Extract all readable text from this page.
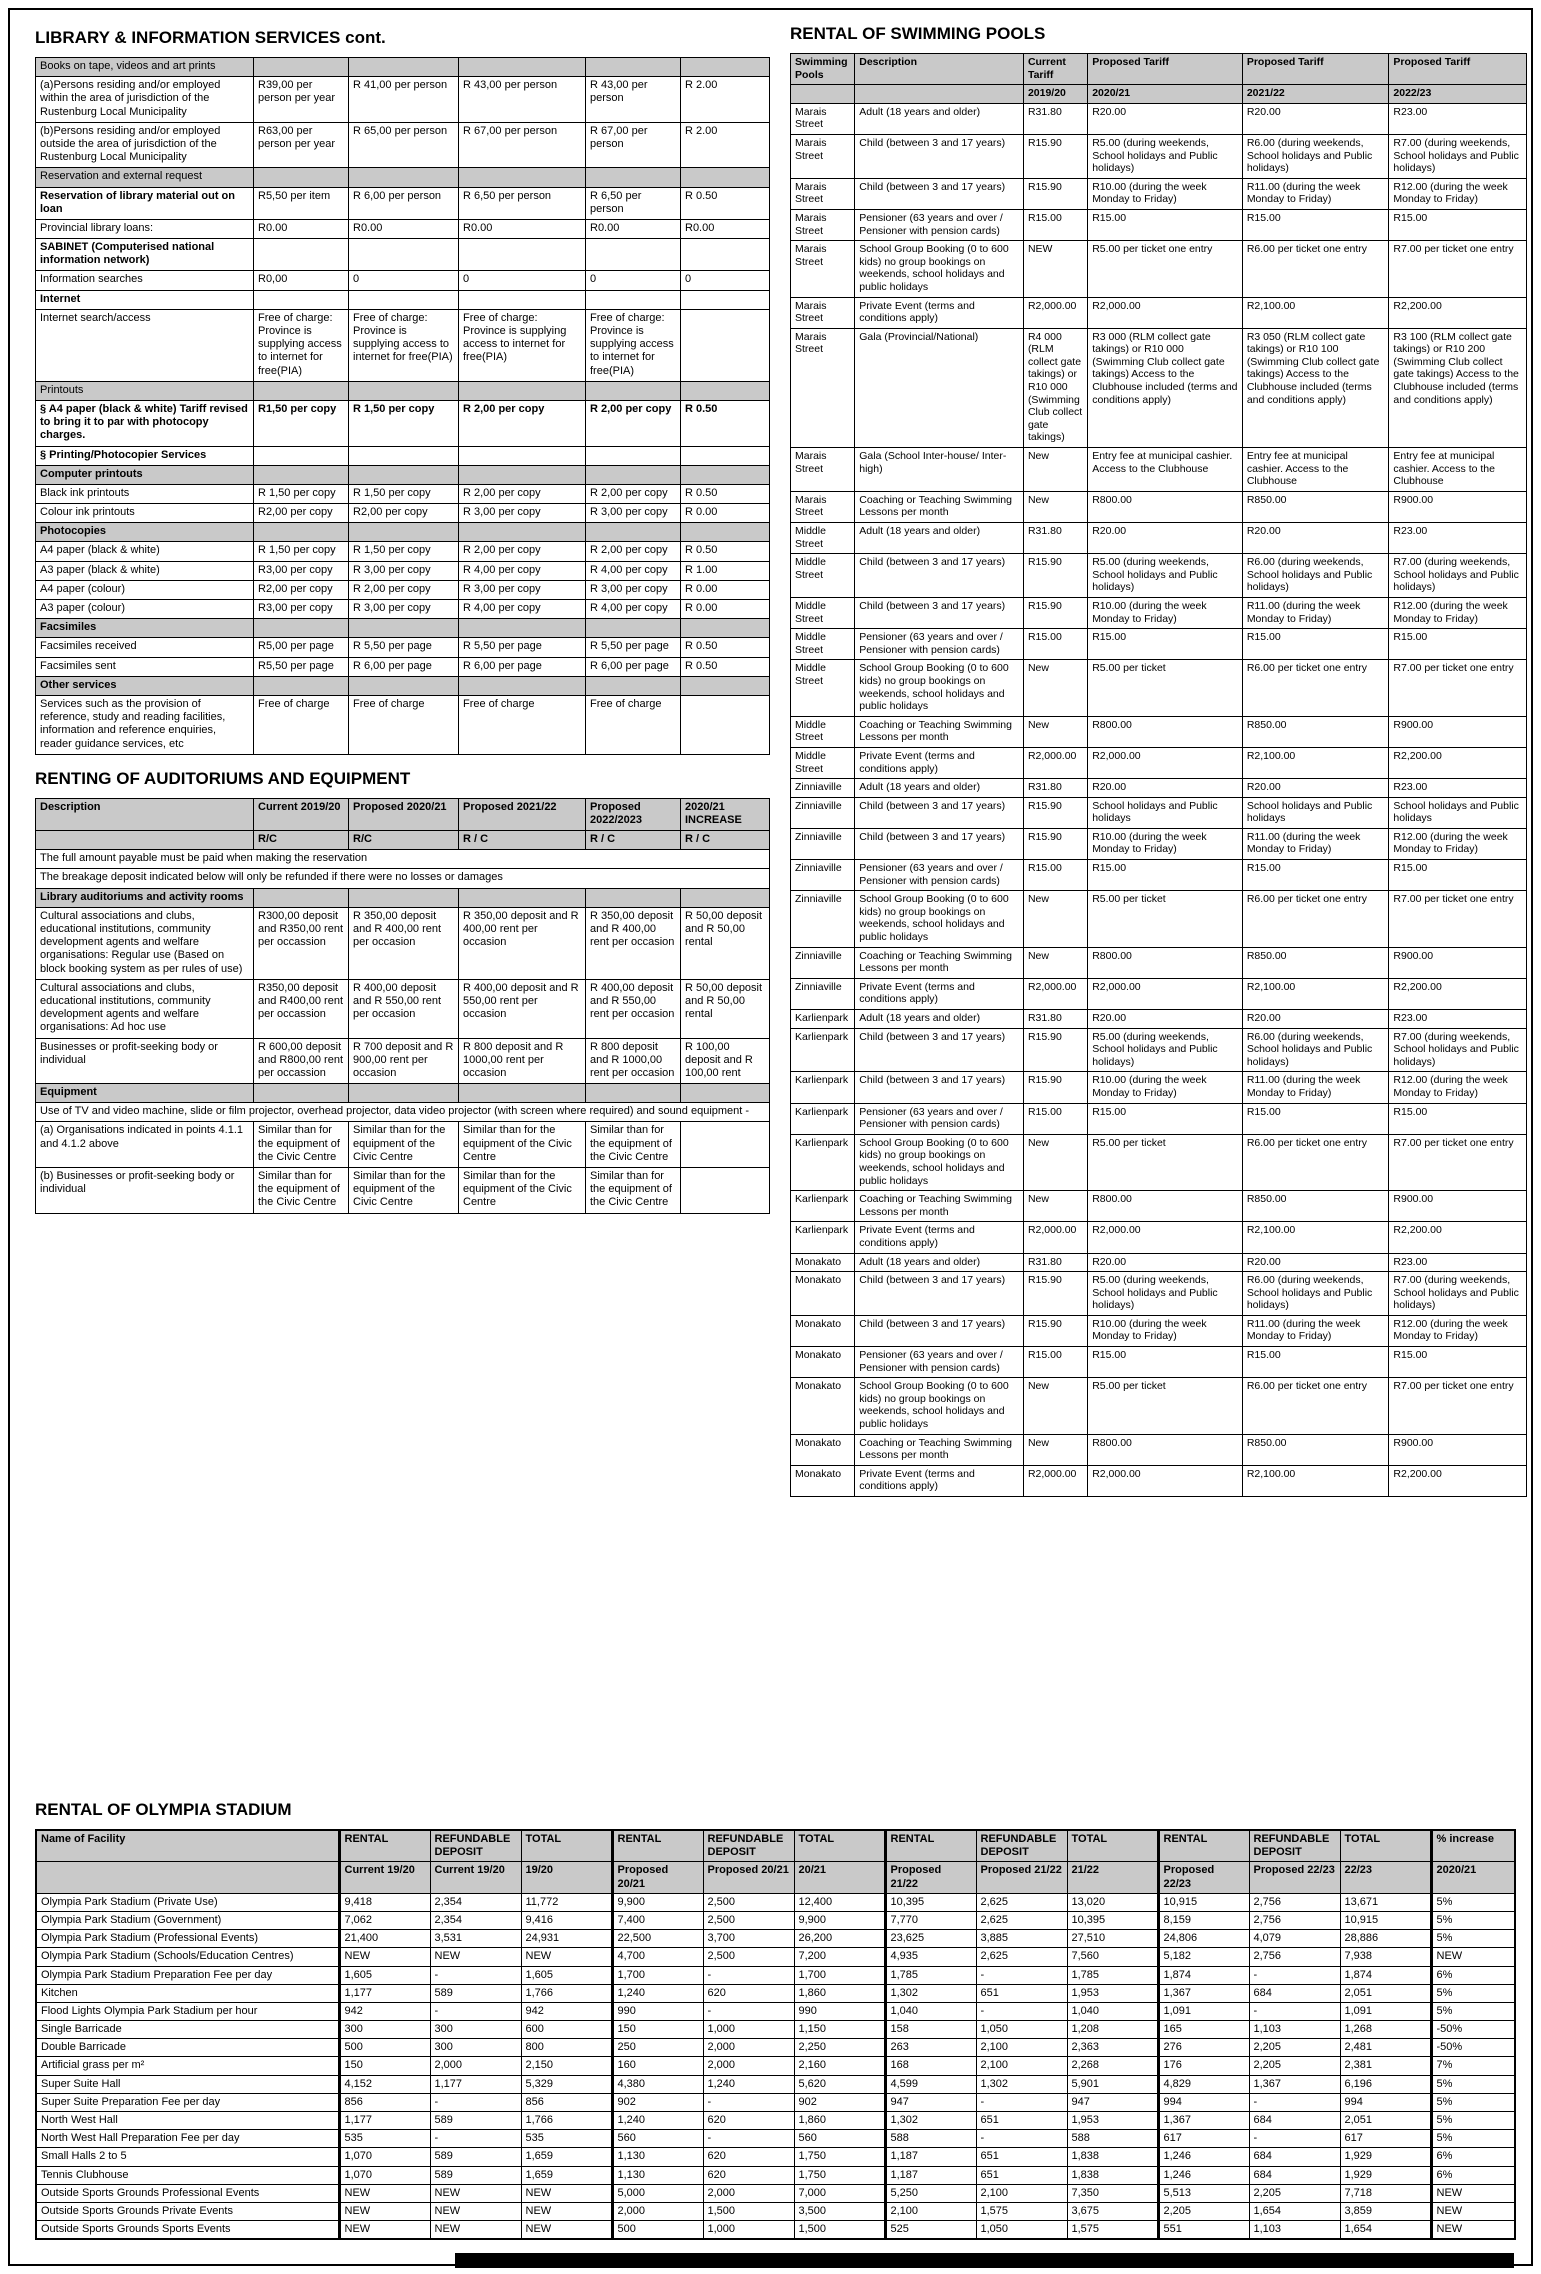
LIBRARY & INFORMATION SERVICES cont.
Books on tape, videos and art prints					
(a)Persons residing and/or employed within the area of jurisdiction of the Rustenburg Local Municipality	R39,00 per person per year	R 41,00 per person	R 43,00 per person	R 43,00 per person	R 2.00
(b)Persons residing and/or employed outside the area of jurisdiction of the Rustenburg Local Municipality	R63,00 per person per year	R 65,00 per person	R 67,00 per person	R 67,00 per person	R 2.00
Reservation and external request					
Reservation of library material out on loan	R5,50 per item	R 6,00 per person	R 6,50 per person	R 6,50 per person	R 0.50
Provincial library loans:	R0.00	R0.00	R0.00	R0.00	R0.00
SABINET (Computerised national information network)					
Information searches	R0,00	0	0	0	0
Internet					
Internet search/access	Free of charge: Province is supplying access to internet for free(PIA)	Free of charge: Province is supplying access to internet for free(PIA)	Free of charge: Province is supplying access to internet for free(PIA)	Free of charge: Province is supplying access to internet for free(PIA)	
Printouts					
§ A4 paper (black & white) Tariff revised to bring it to par with photocopy charges.	R1,50 per copy	R 1,50 per copy	R 2,00 per copy	R 2,00 per copy	R 0.50
§ Printing/Photocopier Services					
Computer printouts					
Black ink printouts	R 1,50 per copy	R 1,50 per copy	R 2,00 per copy	R 2,00 per copy	R 0.50
Colour ink printouts	R2,00 per copy	R2,00 per copy	R 3,00 per copy	R 3,00 per copy	R 0.00
Photocopies					
A4 paper (black & white)	R 1,50 per copy	R 1,50 per copy	R 2,00 per copy	R 2,00 per copy	R 0.50
A3 paper (black & white)	R3,00 per copy	R 3,00 per copy	R 4,00 per copy	R 4,00 per copy	R 1.00
A4 paper (colour)	R2,00 per copy	R 2,00 per copy	R 3,00 per copy	R 3,00 per copy	R 0.00
A3 paper (colour)	R3,00 per copy	R 3,00 per copy	R 4,00 per copy	R 4,00 per copy	R 0.00
Facsimiles					
Facsimiles received	R5,00 per page	R 5,50 per page	R 5,50 per page	R 5,50 per page	R 0.50
Facsimiles sent	R5,50 per page	R 6,00 per page	R 6,00 per page	R 6,00 per page	R 0.50
Other services					
Services such as the provision of reference, study and reading facilities, information and reference enquiries, reader guidance services, etc	Free of charge	Free of charge	Free of charge	Free of charge	
RENTING OF AUDITORIUMS AND EQUIPMENT
Description	Current 2019/20	Proposed 2020/21	Proposed 2021/22	Proposed 2022/2023	2020/21 INCREASE
	R/C	R/C	R / C	R / C	R / C
The full amount payable must be paid when making the reservation					
The breakage deposit indicated below will only be refunded if there were no losses or damages					
Library auditoriums and activity rooms					
Cultural associations and clubs, educational institutions, community development agents and welfare organisations: Regular use (Based on block booking system as per rules of use)	R300,00 deposit and R350,00 rent per occassion	R 350,00 deposit and R 400,00 rent per occasion	R 350,00 deposit and R 400,00 rent per occasion	R 350,00 deposit and R 400,00 rent per occasion	R 50,00 deposit and R 50,00 rental
Cultural associations and clubs, educational institutions, community development agents and welfare organisations: Ad hoc use	R350,00 deposit and R400,00 rent per occassion	R 400,00 deposit and R 550,00 rent per occasion	R 400,00 deposit and R 550,00 rent per occasion	R 400,00 deposit and R 550,00 rent per occasion	R 50,00 deposit and R 50,00 rental
Businesses or profit-seeking body or individual	R 600,00 deposit and R800,00 rent per occassion	R 700 deposit and R 900,00 rent per occasion	R 800 deposit and R 1000,00 rent per occasion	R 800 deposit and R 1000,00 rent per occasion	R 100,00 deposit and R 100,00 rent
Equipment					
Use of TV and video machine, slide or film projector, overhead projector, data video projector (with screen where required) and sound equipment -					
(a) Organisations indicated in points 4.1.1 and 4.1.2 above	Similar than for the equipment of the Civic Centre	Similar than for the equipment of the Civic Centre	Similar than for the equipment of the Civic Centre	Similar than for the equipment of the Civic Centre	
(b) Businesses or profit-seeking body or individual	Similar than for the equipment of the Civic Centre	Similar than for the equipment of the Civic Centre	Similar than for the equipment of the Civic Centre	Similar than for the equipment of the Civic Centre	
RENTAL OF SWIMMING POOLS
Swimming Pools	Description	Current Tariff	Proposed Tariff	Proposed Tariff	Proposed Tariff
		2019/20	2020/21	2021/22	2022/23
Marais Street	Adult (18 years and older)	R31.80	R20.00	R20.00	R23.00
Marais Street	Child (between 3 and 17 years)	R15.90	R5.00 (during weekends, School holidays and Public holidays)	R6.00 (during weekends, School holidays and Public holidays)	R7.00 (during weekends, School holidays and Public holidays)
Marais Street	Child (between 3 and 17 years)	R15.90	R10.00 (during the week Monday to Friday)	R11.00 (during the week Monday to Friday)	R12.00 (during the week Monday to Friday)
Marais Street	Pensioner (63 years and over / Pensioner with pension cards)	R15.00	R15.00	R15.00	R15.00
Marais Street	School Group Booking (0 to 600 kids) no group bookings on weekends, school holidays and public holidays	NEW	R5.00 per ticket one entry	R6.00 per ticket one entry	R7.00 per ticket one entry
Marais Street	Private Event (terms and conditions apply)	R2,000.00	R2,000.00	R2,100.00	R2,200.00
Marais Street	Gala (Provincial/National)	R4 000 (RLM collect gate takings) or R10 000 (Swimming Club collect gate takings)	R3 000 (RLM collect gate takings) or R10 000 (Swimming Club collect gate takings) Access to the Clubhouse included (terms and conditions apply)	R3 050 (RLM collect gate takings) or R10 100 (Swimming Club collect gate takings) Access to the Clubhouse included (terms and conditions apply)	R3 100 (RLM collect gate takings) or R10 200 (Swimming Club collect gate takings) Access to the Clubhouse included (terms and conditions apply)
Marais Street	Gala (School Inter-house/ Inter-high)	New	Entry fee at municipal cashier. Access to the Clubhouse	Entry fee at municipal cashier. Access to the Clubhouse	Entry fee at municipal cashier. Access to the Clubhouse
Marais Street	Coaching or Teaching Swimming Lessons per month	New	R800.00	R850.00	R900.00
Middle Street	Adult (18 years and older)	R31.80	R20.00	R20.00	R23.00
Middle Street	Child (between 3 and 17 years)	R15.90	R5.00 (during weekends, School holidays and Public holidays)	R6.00 (during weekends, School holidays and Public holidays)	R7.00 (during weekends, School holidays and Public holidays)
Middle Street	Child (between 3 and 17 years)	R15.90	R10.00 (during the week Monday to Friday)	R11.00 (during the week Monday to Friday)	R12.00 (during the week Monday to Friday)
Middle Street	Pensioner (63 years and over / Pensioner with pension cards)	R15.00	R15.00	R15.00	R15.00
Middle Street	School Group Booking (0 to 600 kids) no group bookings on weekends, school holidays and public holidays	New	R5.00 per ticket	R6.00 per ticket one entry	R7.00 per ticket one entry
Middle Street	Coaching or Teaching Swimming Lessons per month	New	R800.00	R850.00	R900.00
Middle Street	Private Event (terms and conditions apply)	R2,000.00	R2,000.00	R2,100.00	R2,200.00
Zinniaville	Adult (18 years and older)	R31.80	R20.00	R20.00	R23.00
Zinniaville	Child (between 3 and 17 years)	R15.90	School holidays and Public holidays	School holidays and Public holidays	School holidays and Public holidays
Zinniaville	Child (between 3 and 17 years)	R15.90	R10.00 (during the week Monday to Friday)	R11.00 (during the week Monday to Friday)	R12.00 (during the week Monday to Friday)
Zinniaville	Pensioner (63 years and over / Pensioner with pension cards)	R15.00	R15.00	R15.00	R15.00
Zinniaville	School Group Booking (0 to 600 kids) no group bookings on weekends, school holidays and public holidays	New	R5.00 per ticket	R6.00 per ticket one entry	R7.00 per ticket one entry
Zinniaville	Coaching or Teaching Swimming Lessons per month	New	R800.00	R850.00	R900.00
Zinniaville	Private Event (terms and conditions apply)	R2,000.00	R2,000.00	R2,100.00	R2,200.00
Karlienpark	Adult (18 years and older)	R31.80	R20.00	R20.00	R23.00
Karlienpark	Child (between 3 and 17 years)	R15.90	R5.00 (during weekends, School holidays and Public holidays)	R6.00 (during weekends, School holidays and Public holidays)	R7.00 (during weekends, School holidays and Public holidays)
Karlienpark	Child (between 3 and 17 years)	R15.90	R10.00 (during the week Monday to Friday)	R11.00 (during the week Monday to Friday)	R12.00 (during the week Monday to Friday)
Karlienpark	Pensioner (63 years and over / Pensioner with pension cards)	R15.00	R15.00	R15.00	R15.00
Karlienpark	School Group Booking (0 to 600 kids) no group bookings on weekends, school holidays and public holidays	New	R5.00 per ticket	R6.00 per ticket one entry	R7.00 per ticket one entry
Karlienpark	Coaching or Teaching Swimming Lessons per month	New	R800.00	R850.00	R900.00
Karlienpark	Private Event (terms and conditions apply)	R2,000.00	R2,000.00	R2,100.00	R2,200.00
Monakato	Adult (18 years and older)	R31.80	R20.00	R20.00	R23.00
Monakato	Child (between 3 and 17 years)	R15.90	R5.00 (during weekends, School holidays and Public holidays)	R6.00 (during weekends, School holidays and Public holidays)	R7.00 (during weekends, School holidays and Public holidays)
Monakato	Child (between 3 and 17 years)	R15.90	R10.00 (during the week Monday to Friday)	R11.00 (during the week Monday to Friday)	R12.00 (during the week Monday to Friday)
Monakato	Pensioner (63 years and over / Pensioner with pension cards)	R15.00	R15.00	R15.00	R15.00
Monakato	School Group Booking (0 to 600 kids) no group bookings on weekends, school holidays and public holidays	New	R5.00 per ticket	R6.00 per ticket one entry	R7.00 per ticket one entry
Monakato	Coaching or Teaching Swimming Lessons per month	New	R800.00	R850.00	R900.00
Monakato	Private Event (terms and conditions apply)	R2,000.00	R2,000.00	R2,100.00	R2,200.00
RENTAL OF OLYMPIA STADIUM
Name of Facility	RENTAL	REFUNDABLE DEPOSIT	TOTAL	RENTAL	REFUNDABLE DEPOSIT	TOTAL	RENTAL	REFUNDABLE DEPOSIT	TOTAL	RENTAL	REFUNDABLE DEPOSIT	TOTAL	% increase
	Current 19/20	Current 19/20	19/20	Proposed 20/21	Proposed 20/21	20/21	Proposed 21/22	Proposed 21/22	21/22	Proposed 22/23	Proposed 22/23	22/23	2020/21
Olympia Park Stadium (Private Use)	9,418	2,354	11,772	9,900	2,500	12,400	10,395	2,625	13,020	10,915	2,756	13,671	5%
Olympia Park Stadium (Government)	7,062	2,354	9,416	7,400	2,500	9,900	7,770	2,625	10,395	8,159	2,756	10,915	5%
Olympia Park Stadium (Professional Events)	21,400	3,531	24,931	22,500	3,700	26,200	23,625	3,885	27,510	24,806	4,079	28,886	5%
Olympia Park Stadium (Schools/Education Centres)	NEW	NEW	NEW	4,700	2,500	7,200	4,935	2,625	7,560	5,182	2,756	7,938	NEW
Olympia Park Stadium Preparation Fee per day	1,605	-	1,605	1,700	-	1,700	1,785	-	1,785	1,874	-	1,874	6%
Kitchen	1,177	589	1,766	1,240	620	1,860	1,302	651	1,953	1,367	684	2,051	5%
Flood Lights Olympia Park Stadium per hour	942	-	942	990	-	990	1,040	-	1,040	1,091	-	1,091	5%
Single Barricade	300	300	600	150	1,000	1,150	158	1,050	1,208	165	1,103	1,268	-50%
Double Barricade	500	300	800	250	2,000	2,250	263	2,100	2,363	276	2,205	2,481	-50%
Artificial grass per m²	150	2,000	2,150	160	2,000	2,160	168	2,100	2,268	176	2,205	2,381	7%
Super Suite Hall	4,152	1,177	5,329	4,380	1,240	5,620	4,599	1,302	5,901	4,829	1,367	6,196	5%
Super Suite Preparation Fee per day	856	-	856	902	-	902	947	-	947	994	-	994	5%
North West Hall	1,177	589	1,766	1,240	620	1,860	1,302	651	1,953	1,367	684	2,051	5%
North West Hall Preparation Fee per day	535	-	535	560	-	560	588	-	588	617	-	617	5%
Small Halls 2 to 5	1,070	589	1,659	1,130	620	1,750	1,187	651	1,838	1,246	684	1,929	6%
Tennis Clubhouse	1,070	589	1,659	1,130	620	1,750	1,187	651	1,838	1,246	684	1,929	6%
Outside Sports Grounds Professional Events	NEW	NEW	NEW	5,000	2,000	7,000	5,250	2,100	7,350	5,513	2,205	7,718	NEW
Outside Sports Grounds Private Events	NEW	NEW	NEW	2,000	1,500	3,500	2,100	1,575	3,675	2,205	1,654	3,859	NEW
Outside Sports Grounds Sports Events	NEW	NEW	NEW	500	1,000	1,500	525	1,050	1,575	551	1,103	1,654	NEW
